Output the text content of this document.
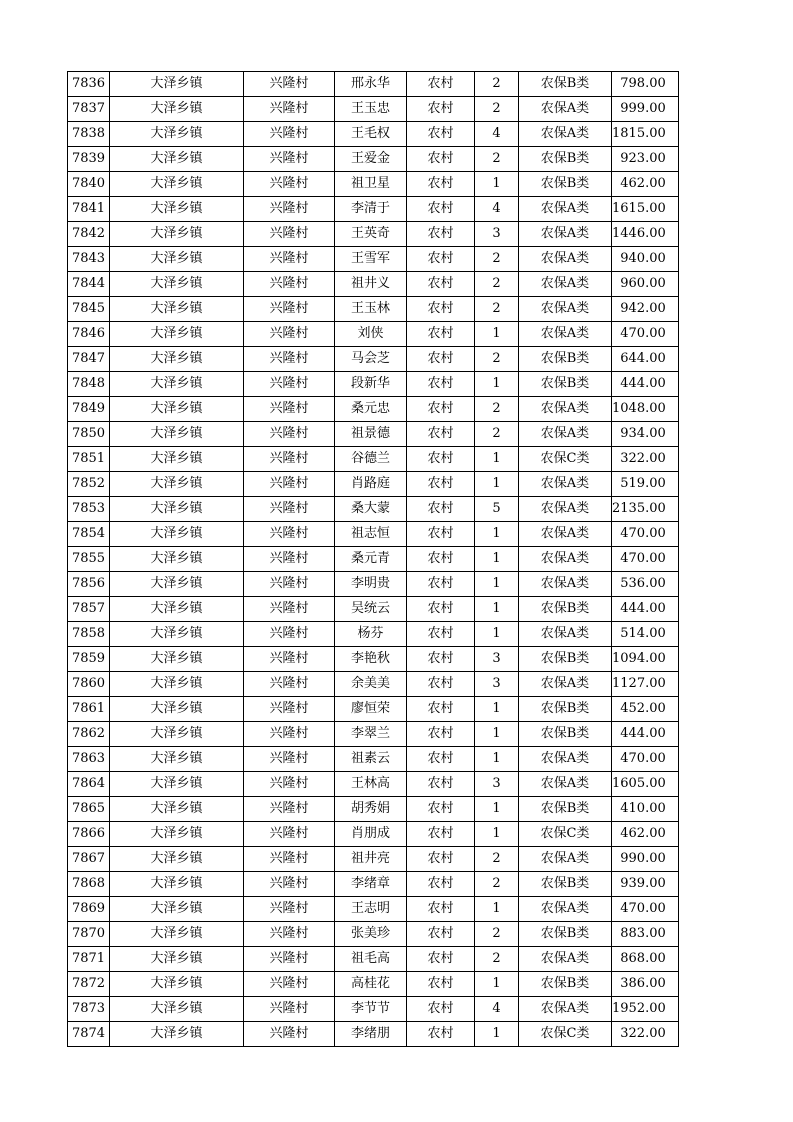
7836	大泽乡镇	兴隆村	邢永华	农村	2	农保B类	798.00
7837	大泽乡镇	兴隆村	王玉忠	农村	2	农保A类	999.00
7838	大泽乡镇	兴隆村	王毛权	农村	4	农保A类	1815.00
7839	大泽乡镇	兴隆村	王爱金	农村	2	农保B类	923.00
7840	大泽乡镇	兴隆村	祖卫星	农村	1	农保B类	462.00
7841	大泽乡镇	兴隆村	李清于	农村	4	农保A类	1615.00
7842	大泽乡镇	兴隆村	王英奇	农村	3	农保A类	1446.00
7843	大泽乡镇	兴隆村	王雪军	农村	2	农保A类	940.00
7844	大泽乡镇	兴隆村	祖井义	农村	2	农保A类	960.00
7845	大泽乡镇	兴隆村	王玉林	农村	2	农保A类	942.00
7846	大泽乡镇	兴隆村	刘侠	农村	1	农保A类	470.00
7847	大泽乡镇	兴隆村	马会芝	农村	2	农保B类	644.00
7848	大泽乡镇	兴隆村	段新华	农村	1	农保B类	444.00
7849	大泽乡镇	兴隆村	桑元忠	农村	2	农保A类	1048.00
7850	大泽乡镇	兴隆村	祖景德	农村	2	农保A类	934.00
7851	大泽乡镇	兴隆村	谷德兰	农村	1	农保C类	322.00
7852	大泽乡镇	兴隆村	肖路庭	农村	1	农保A类	519.00
7853	大泽乡镇	兴隆村	桑大蒙	农村	5	农保A类	2135.00
7854	大泽乡镇	兴隆村	祖志恒	农村	1	农保A类	470.00
7855	大泽乡镇	兴隆村	桑元青	农村	1	农保A类	470.00
7856	大泽乡镇	兴隆村	李明贵	农村	1	农保A类	536.00
7857	大泽乡镇	兴隆村	吴统云	农村	1	农保B类	444.00
7858	大泽乡镇	兴隆村	杨芬	农村	1	农保A类	514.00
7859	大泽乡镇	兴隆村	李艳秋	农村	3	农保B类	1094.00
7860	大泽乡镇	兴隆村	余美美	农村	3	农保A类	1127.00
7861	大泽乡镇	兴隆村	廖恒荣	农村	1	农保B类	452.00
7862	大泽乡镇	兴隆村	李翠兰	农村	1	农保B类	444.00
7863	大泽乡镇	兴隆村	祖素云	农村	1	农保A类	470.00
7864	大泽乡镇	兴隆村	王林高	农村	3	农保A类	1605.00
7865	大泽乡镇	兴隆村	胡秀娟	农村	1	农保B类	410.00
7866	大泽乡镇	兴隆村	肖朋成	农村	1	农保C类	462.00
7867	大泽乡镇	兴隆村	祖井亮	农村	2	农保A类	990.00
7868	大泽乡镇	兴隆村	李绪章	农村	2	农保B类	939.00
7869	大泽乡镇	兴隆村	王志明	农村	1	农保A类	470.00
7870	大泽乡镇	兴隆村	张美珍	农村	2	农保B类	883.00
7871	大泽乡镇	兴隆村	祖毛高	农村	2	农保A类	868.00
7872	大泽乡镇	兴隆村	高桂花	农村	1	农保B类	386.00
7873	大泽乡镇	兴隆村	李节节	农村	4	农保A类	1952.00
7874	大泽乡镇	兴隆村	李绪朋	农村	1	农保C类	322.00
